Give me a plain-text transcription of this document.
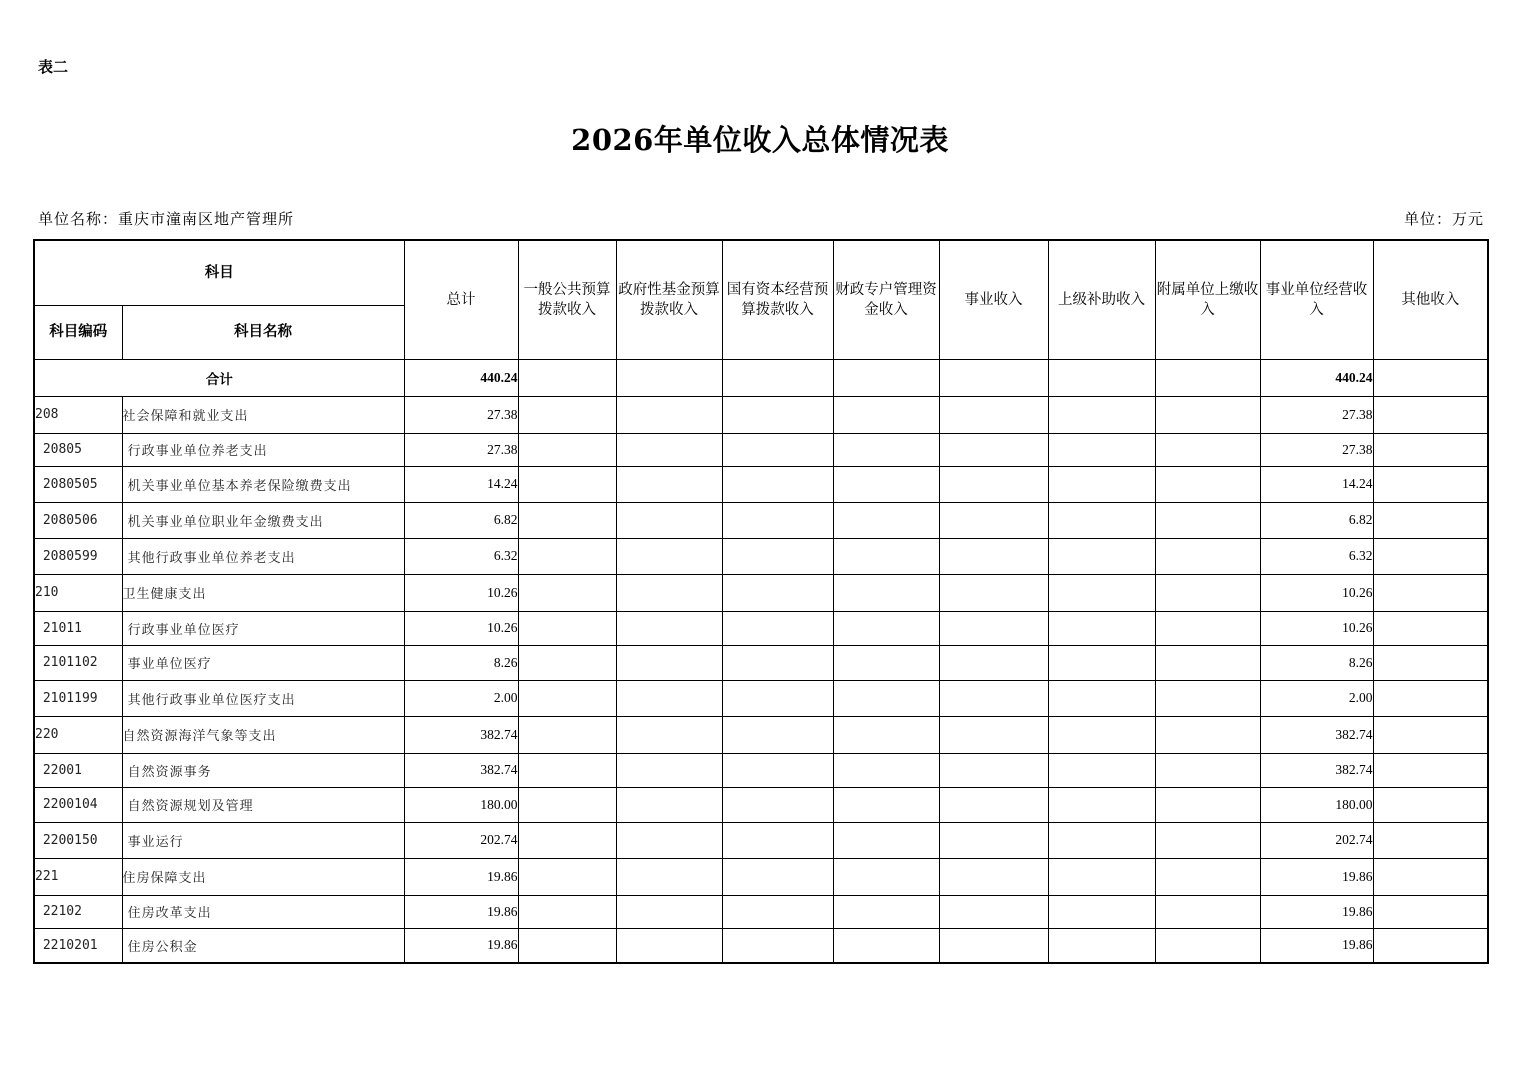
表二
2026年单位收入总体情况表
单位名称：重庆市潼南区地产管理所	单位：万元
科目		总计	一般公共预算拨款收入	政府性基金预算拨款收入	国有资本经营预算拨款收入	财政专户管理资金收入	事业收入	上级补助收入	附属单位上缴收入	事业单位经营收入	其他收入
科目编码	科目名称										
合计		440.24								440.24	
208	社会保障和就业支出	27.38								27.38	
20805	行政事业单位养老支出	27.38								27.38	
2080505	机关事业单位基本养老保险缴费支出	14.24								14.24	
2080506	机关事业单位职业年金缴费支出	6.82								6.82	
2080599	其他行政事业单位养老支出	6.32								6.32	
210	卫生健康支出	10.26								10.26	
21011	行政事业单位医疗	10.26								10.26	
2101102	事业单位医疗	8.26								8.26	
2101199	其他行政事业单位医疗支出	2.00								2.00	
220	自然资源海洋气象等支出	382.74								382.74	
22001	自然资源事务	382.74								382.74	
2200104	自然资源规划及管理	180.00								180.00	
2200150	事业运行	202.74								202.74	
221	住房保障支出	19.86								19.86	
22102	住房改革支出	19.86								19.86	
2210201	住房公积金	19.86								19.86	
